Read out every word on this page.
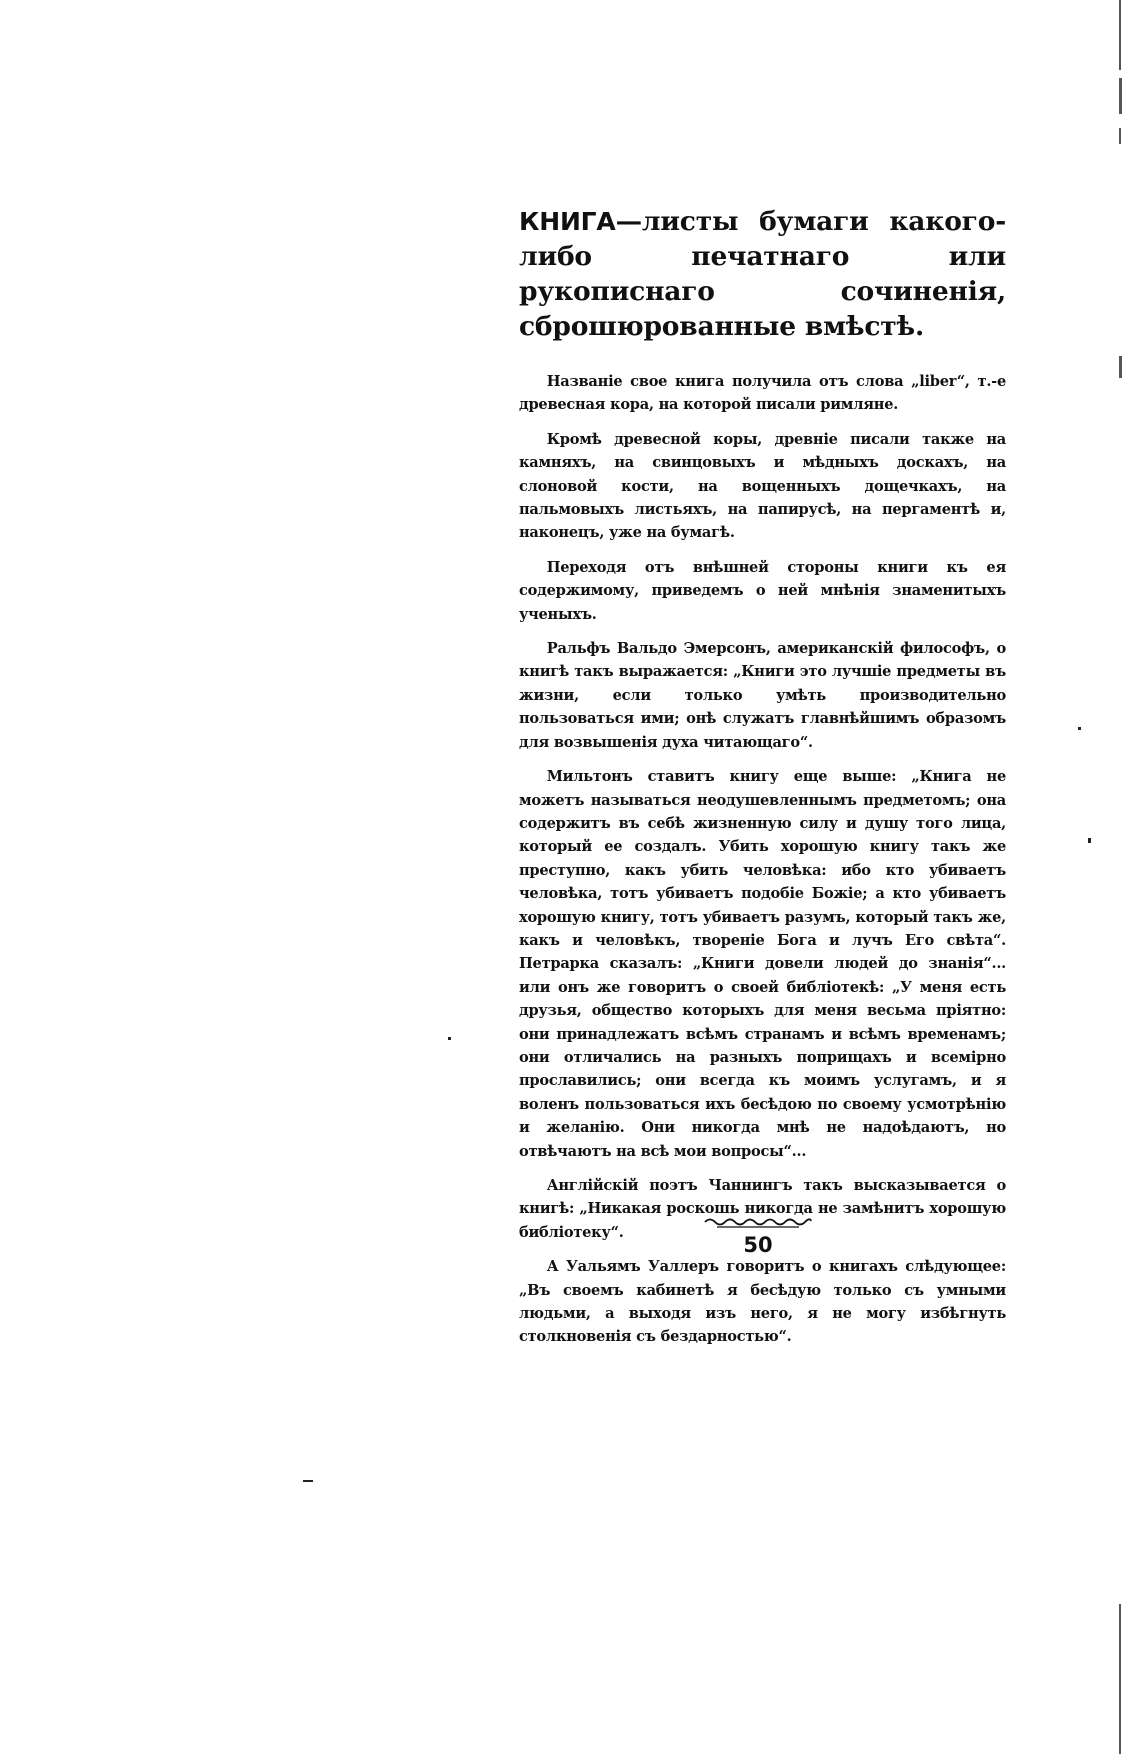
КНИГА—листы бумаги какого-либо печатнаго или рукописнаго сочиненія, сброшюрованные вмѣстѣ.

Названіе свое книга получила отъ слова „liber“, т.-е древесная кора, на которой писали римляне.

Кромѣ древесной коры, древніе писали также на камняхъ, на свинцовыхъ и мѣдныхъ доскахъ, на слоновой кости, на вощенныхъ дощечкахъ, на пальмовыхъ листьяхъ, на папирусѣ, на пергаментѣ и, наконецъ, уже на бумагѣ.

Переходя отъ внѣшней стороны книги къ ея содержимому, приведемъ о ней мнѣнія знаменитыхъ ученыхъ.

Ральфъ Вальдо Эмерсонъ, американскій философъ, о книгѣ такъ выражается: „Книги это лучшіе предметы въ жизни, если только умѣть производительно пользоваться ими; онѣ служатъ главнѣйшимъ образомъ для возвышенія духа читающаго“.

Мильтонъ ставитъ книгу еще выше: „Книга не можетъ называться неодушевленнымъ предметомъ; она содержитъ въ себѣ жизненную силу и душу того лица, который ее создалъ. Убить хорошую книгу такъ же преступно, какъ убить человѣка: ибо кто убиваетъ человѣка, тотъ убиваетъ подобіе Божіе; а кто убиваетъ хорошую книгу, тотъ убиваетъ разумъ, который такъ же, какъ и человѣкъ, твореніе Бога и лучъ Его свѣта“. Петрарка сказалъ: „Книги довели людей до знанія“... или онъ же говоритъ о своей библіотекѣ: „У меня есть друзья, общество которыхъ для меня весьма пріятно: они принадлежатъ всѣмъ странамъ и всѣмъ временамъ; они отличались на разныхъ поприщахъ и всемірно прославились; они всегда къ моимъ услугамъ, и я воленъ пользоваться ихъ бесѣдою по своему усмотрѣнію и желанію. Они никогда мнѣ не надоѣдаютъ, но отвѣчаютъ на всѣ мои вопросы“...

Англійскій поэтъ Чаннингъ такъ высказывается о книгѣ: „Никакая роскошь никогда не замѣнитъ хорошую библіотеку“.

А Уальямъ Уаллеръ говоритъ о книгахъ слѣдующее: „Въ своемъ кабинетѣ я бесѣдую только съ умными людьми, а выходя изъ него, я не могу избѣгнуть столкновенія съ бездарностью“.

50
